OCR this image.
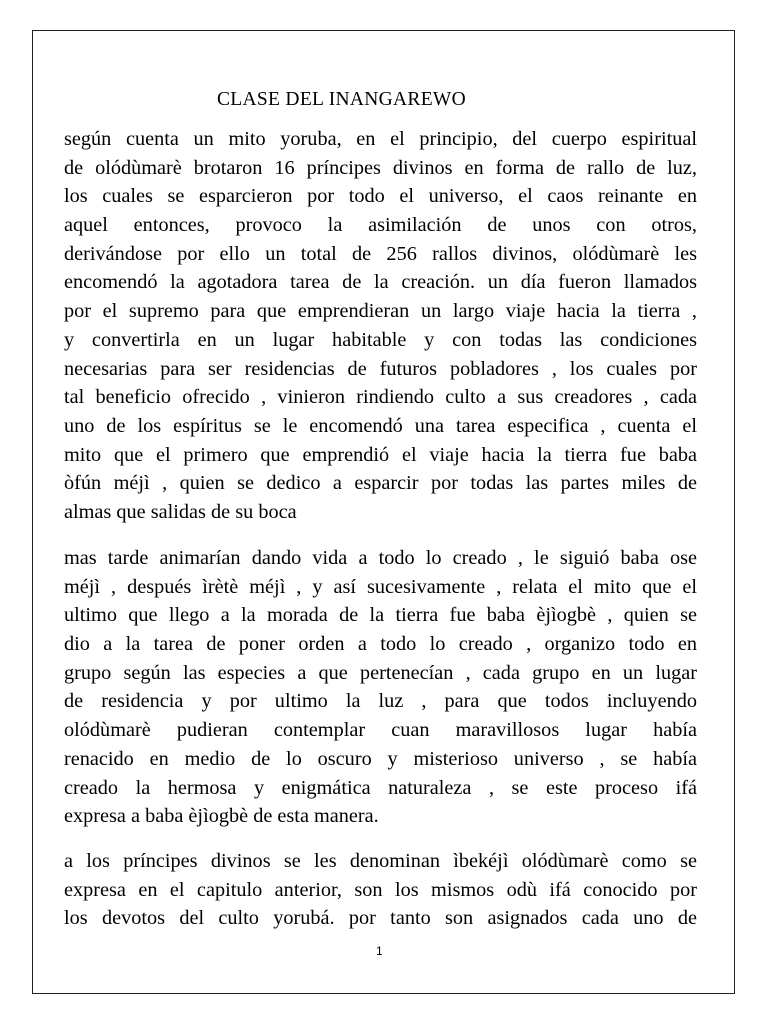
CLASE DEL INANGAREWO
según cuenta un mito yoruba, en el principio, del cuerpo espiritual
de olódùmarè brotaron 16 príncipes divinos en forma de rallo de luz,
los cuales se esparcieron por todo el universo, el caos reinante en
aquel entonces, provoco la asimilación de unos con otros,
derivándose por ello un total de 256 rallos divinos, olódùmarè les
encomendó la agotadora tarea de la creación. un día fueron llamados
por el supremo para que emprendieran un largo viaje hacia la tierra ,
y convertirla en un lugar habitable y con todas las condiciones
necesarias para ser residencias de futuros pobladores , los cuales por
tal beneficio ofrecido , vinieron rindiendo culto a sus creadores , cada
uno de los espíritus se le encomendó una tarea especifica , cuenta el
mito que el primero que emprendió el viaje hacia la tierra fue baba
òfún méjì , quien se dedico a esparcir por todas las partes miles de
almas que salidas de su boca
mas tarde animarían dando vida a todo lo creado , le siguió baba ose
méjì , después ìrètè méjì , y así sucesivamente , relata el mito que el
ultimo que llego a la morada de la tierra fue baba èjìogbè , quien se
dio a la tarea de poner orden a todo lo creado , organizo todo en
grupo según las especies a que pertenecían , cada grupo en un lugar
de residencia y por ultimo la luz , para que todos incluyendo
olódùmarè pudieran contemplar cuan maravillosos lugar había
renacido en medio de lo oscuro y misterioso universo , se había
creado la hermosa y enigmática naturaleza , se este proceso ifá
expresa a baba èjìogbè de esta manera.
a los príncipes divinos se les denominan ìbekéjì olódùmarè como se
expresa en el capitulo anterior, son los mismos odù ifá conocido por
los devotos del culto yorubá. por tanto son asignados cada uno de
1
